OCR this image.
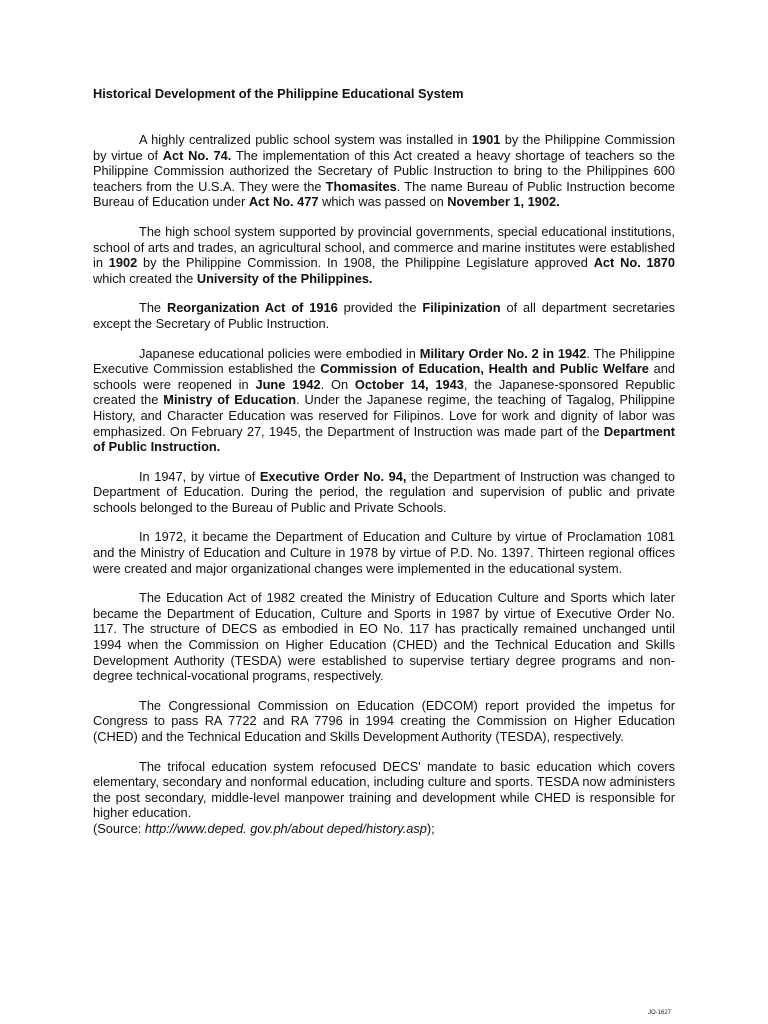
Historical Development of the Philippine Educational System

A highly centralized public school system was installed in 1901 by the Philippine Commission by virtue of Act No. 74. The implementation of this Act created a heavy shortage of teachers so the Philippine Commission authorized the Secretary of Public Instruction to bring to the Philippines 600 teachers from the U.S.A. They were the Thomasites. The name Bureau of Public Instruction become Bureau of Education under Act No. 477 which was passed on November 1, 1902.

The high school system supported by provincial governments, special educational institutions, school of arts and trades, an agricultural school, and commerce and marine institutes were established in 1902 by the Philippine Commission. In 1908, the Philippine Legislature approved Act No. 1870 which created the University of the Philippines.

The Reorganization Act of 1916 provided the Filipinization of all department secretaries except the Secretary of Public Instruction.

Japanese educational policies were embodied in Military Order No. 2 in 1942. The Philippine Executive Commission established the Commission of Education, Health and Public Welfare and schools were reopened in June 1942. On October 14, 1943, the Japanese-sponsored Republic created the Ministry of Education. Under the Japanese regime, the teaching of Tagalog, Philippine History, and Character Education was reserved for Filipinos. Love for work and dignity of labor was emphasized. On February 27, 1945, the Department of Instruction was made part of the Department of Public Instruction.

In 1947, by virtue of Executive Order No. 94, the Department of Instruction was changed to Department of Education. During the period, the regulation and supervision of public and private schools belonged to the Bureau of Public and Private Schools.

In 1972, it became the Department of Education and Culture by virtue of Proclamation 1081 and the Ministry of Education and Culture in 1978 by virtue of P.D. No. 1397. Thirteen regional offices were created and major organizational changes were implemented in the educational system.

The Education Act of 1982 created the Ministry of Education Culture and Sports which later became the Department of Education, Culture and Sports in 1987 by virtue of Executive Order No. 117. The structure of DECS as embodied in EO No. 117 has practically remained unchanged until 1994 when the Commission on Higher Education (CHED) and the Technical Education and Skills Development Authority (TESDA) were established to supervise tertiary degree programs and non-degree technical-vocational programs, respectively.

The Congressional Commission on Education (EDCOM) report provided the impetus for Congress to pass RA 7722 and RA 7796 in 1994 creating the Commission on Higher Education (CHED) and the Technical Education and Skills Development Authority (TESDA), respectively.

The trifocal education system refocused DECS' mandate to basic education which covers elementary, secondary and nonformal education, including culture and sports. TESDA now administers the post secondary, middle-level manpower training and development while CHED is responsible for higher education.

(Source: http://www.deped. gov.ph/about deped/history.asp);

JO-1627
